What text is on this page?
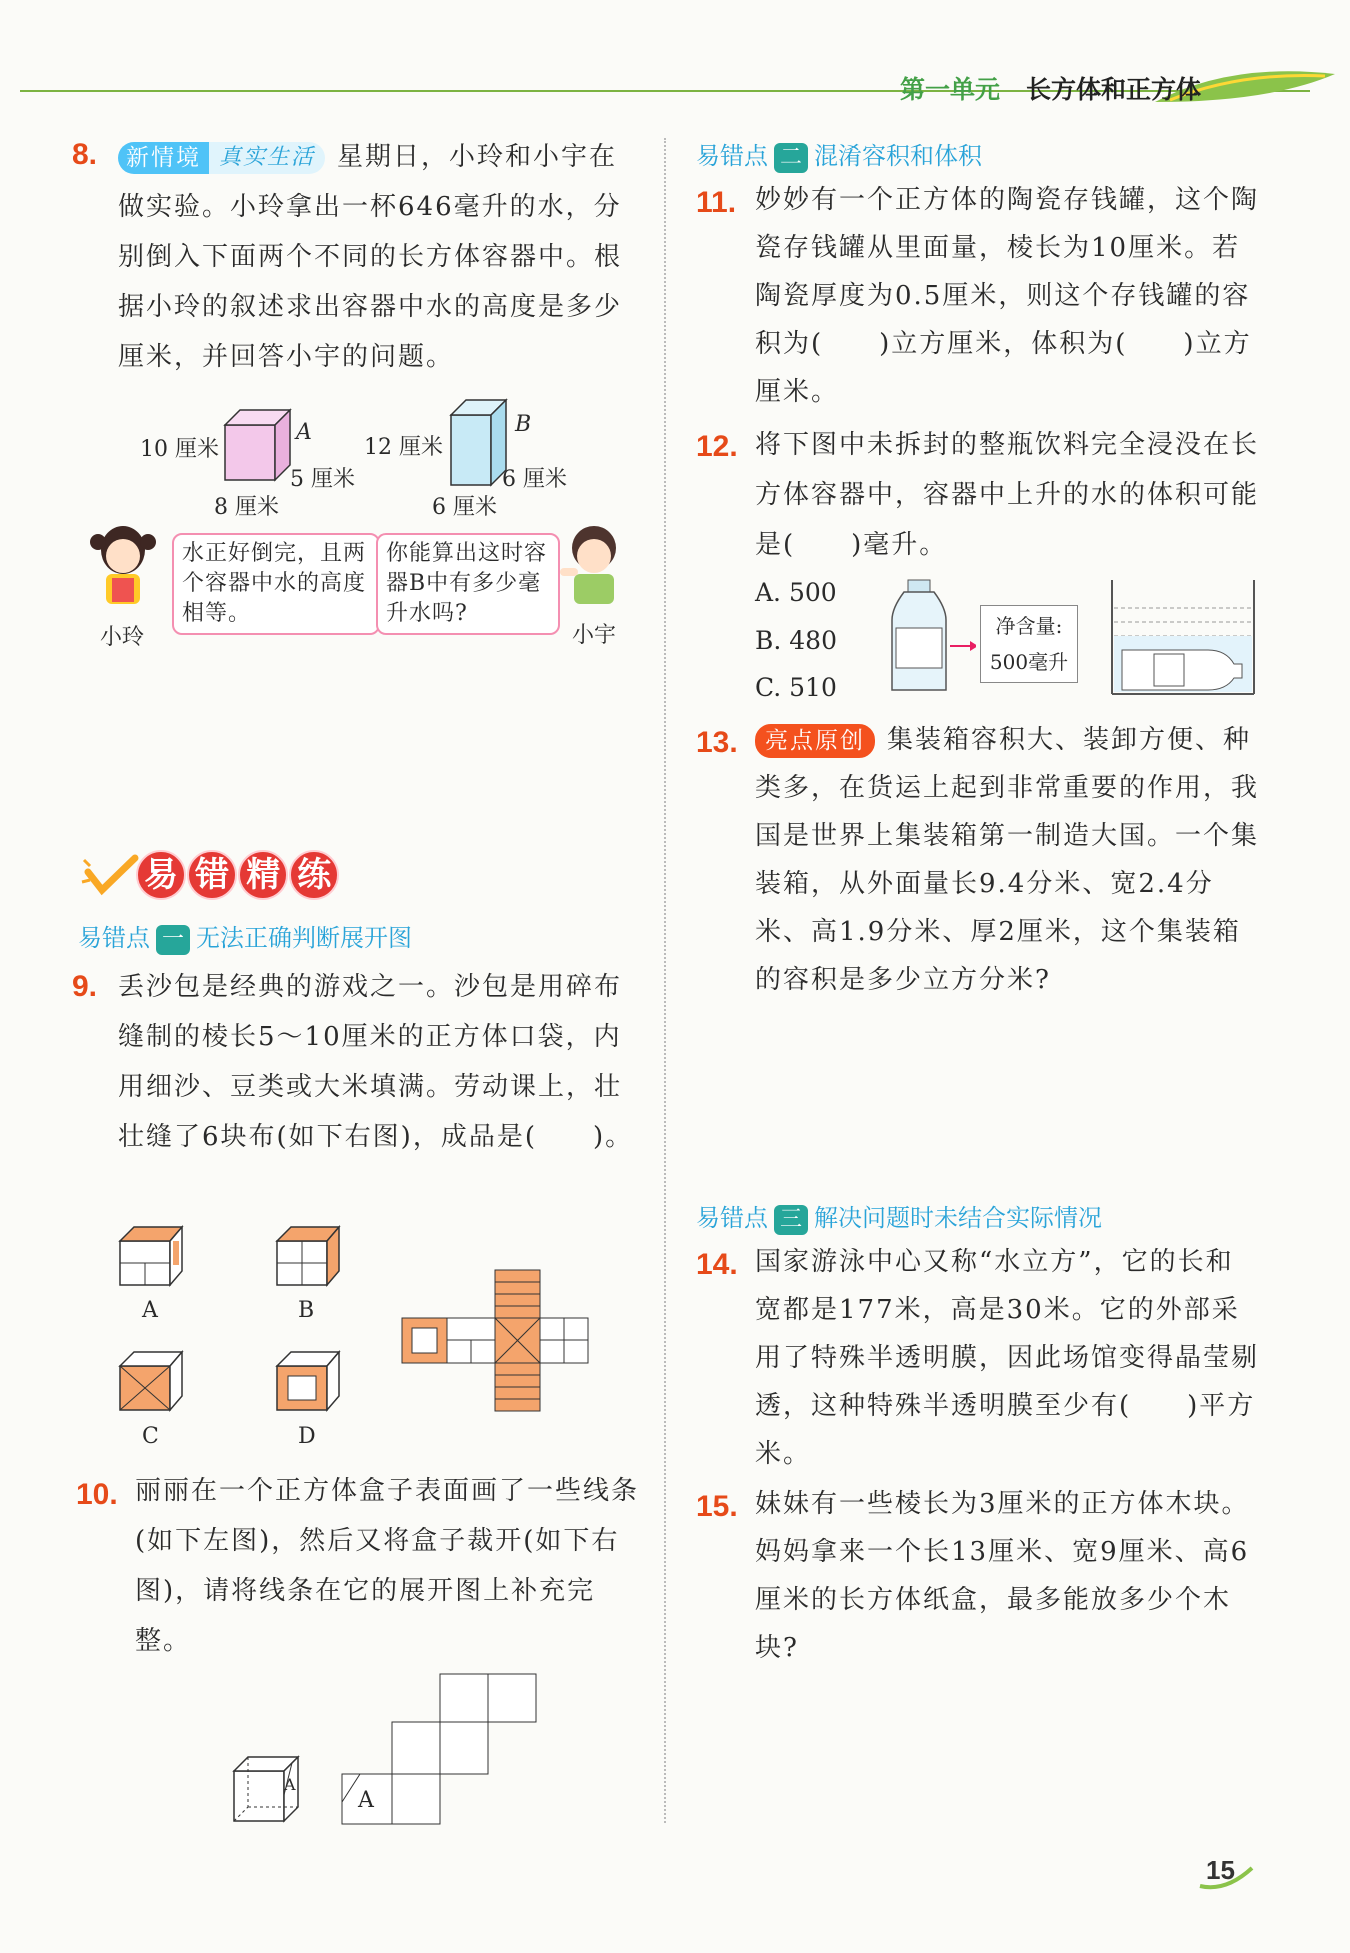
第一单元 长方体和正方体
8.	新情境 真实生活 星期日，小玲和小宇在做实验。小玲拿出一杯646毫升的水，分别倒入下面两个不同的长方体容器中。根据小玲的叙述求出容器中水的高度是多少厘米，并回答小宇的问题。
10 厘米
A
5 厘米
8 厘米
12 厘米
B
6 厘米
6 厘米
小玲
水正好倒完，且两个容器中水的高度相等。
你能算出这时容器B中有多少毫升水吗?
小宇
易 错 精 练
易错点 一 无法正确判断展开图
9. 丢沙包是经典的游戏之一。沙包是用碎布缝制的棱长5～10厘米的正方体口袋，内用细沙、豆类或大米填满。劳动课上，壮壮缝了6块布(如下右图)，成品是(　　)。
A	B
C	D
10. 丽丽在一个正方体盒子表面画了一些线条(如下左图)，然后又将盒子裁开(如下右图)，请将线条在它的展开图上补充完整。
A
A
易错点 二 混淆容积和体积
11. 妙妙有一个正方体的陶瓷存钱罐，这个陶瓷存钱罐从里面量，棱长为10厘米。若陶瓷厚度为0.5厘米，则这个存钱罐的容积为(　　)立方厘米，体积为(　　)立方厘米。
12. 将下图中未拆封的整瓶饮料完全浸没在长方体容器中，容器中上升的水的体积可能是(　　)毫升。
A. 500
B. 480
C. 510
净含量:
500毫升
13.	亮点原创 集装箱容积大、装卸方便、种类多，在货运上起到非常重要的作用，我国是世界上集装箱第一制造大国。一个集装箱，从外面量长9.4分米、宽2.4分米、高1.9分米、厚2厘米，这个集装箱的容积是多少立方分米?
易错点 三 解决问题时未结合实际情况
14. 国家游泳中心又称“水立方”，它的长和宽都是177米，高是30米。它的外部采用了特殊半透明膜，因此场馆变得晶莹剔透，这种特殊半透明膜至少有(　　)平方米。
15. 妹妹有一些棱长为3厘米的正方体木块。妈妈拿来一个长13厘米、宽9厘米、高6厘米的长方体纸盒，最多能放多少个木块?
15
